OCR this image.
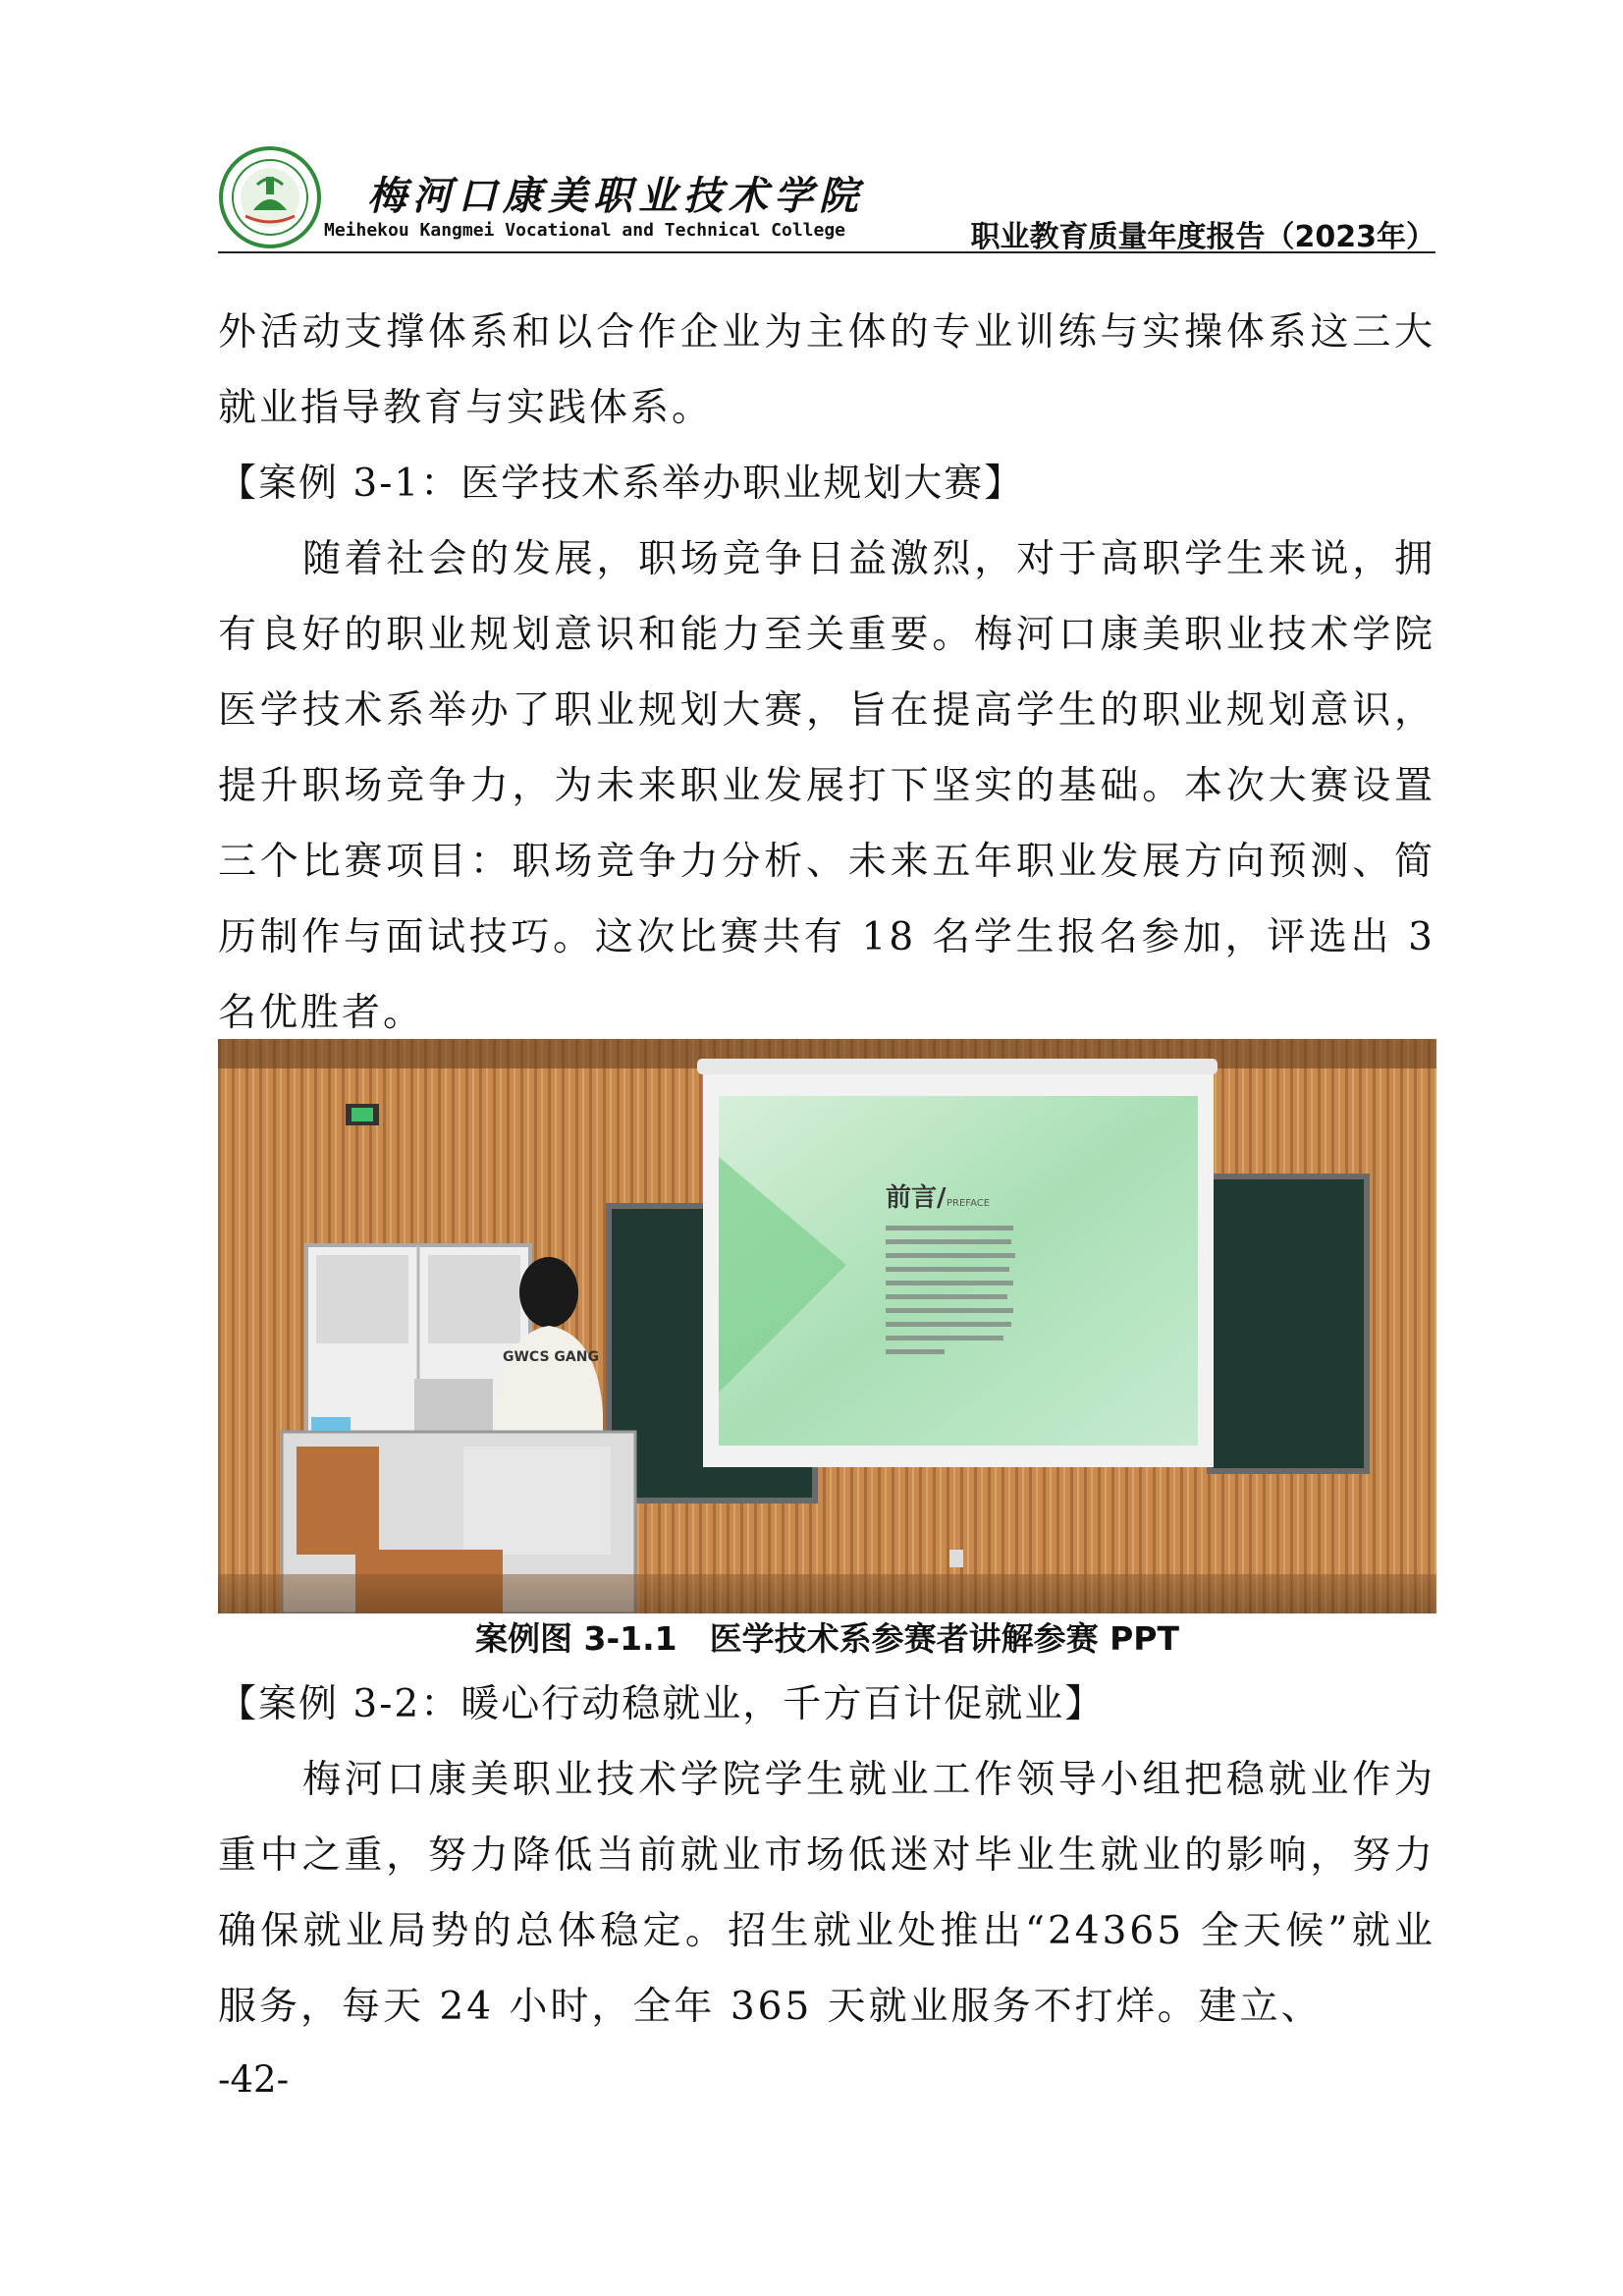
梅河口康美职业技术学院
Meihekou Kangmei Vocational and Technical College	职业教育质量年度报告（2023年）

外活动支撑体系和以合作企业为主体的专业训练与实操体系这三大就业指导教育与实践体系。

【案例 3-1：医学技术系举办职业规划大赛】

随着社会的发展，职场竞争日益激烈，对于高职学生来说，拥有良好的职业规划意识和能力至关重要。梅河口康美职业技术学院医学技术系举办了职业规划大赛，旨在提高学生的职业规划意识，提升职场竞争力，为未来职业发展打下坚实的基础。本次大赛设置三个比赛项目：职场竞争力分析、未来五年职业发展方向预测、简历制作与面试技巧。这次比赛共有 18 名学生报名参加，评选出 3 名优胜者。

前言/ PREFACE
GWCS GANG
案例图 3-1.1　医学技术系参赛者讲解参赛 PPT

【案例 3-2：暖心行动稳就业，千方百计促就业】

梅河口康美职业技术学院学生就业工作领导小组把稳就业作为重中之重，努力降低当前就业市场低迷对毕业生就业的影响，努力确保就业局势的总体稳定。招生就业处推出“24365 全天候”就业服务，每天 24 小时，全年 365 天就业服务不打烊。建立、

-42-
